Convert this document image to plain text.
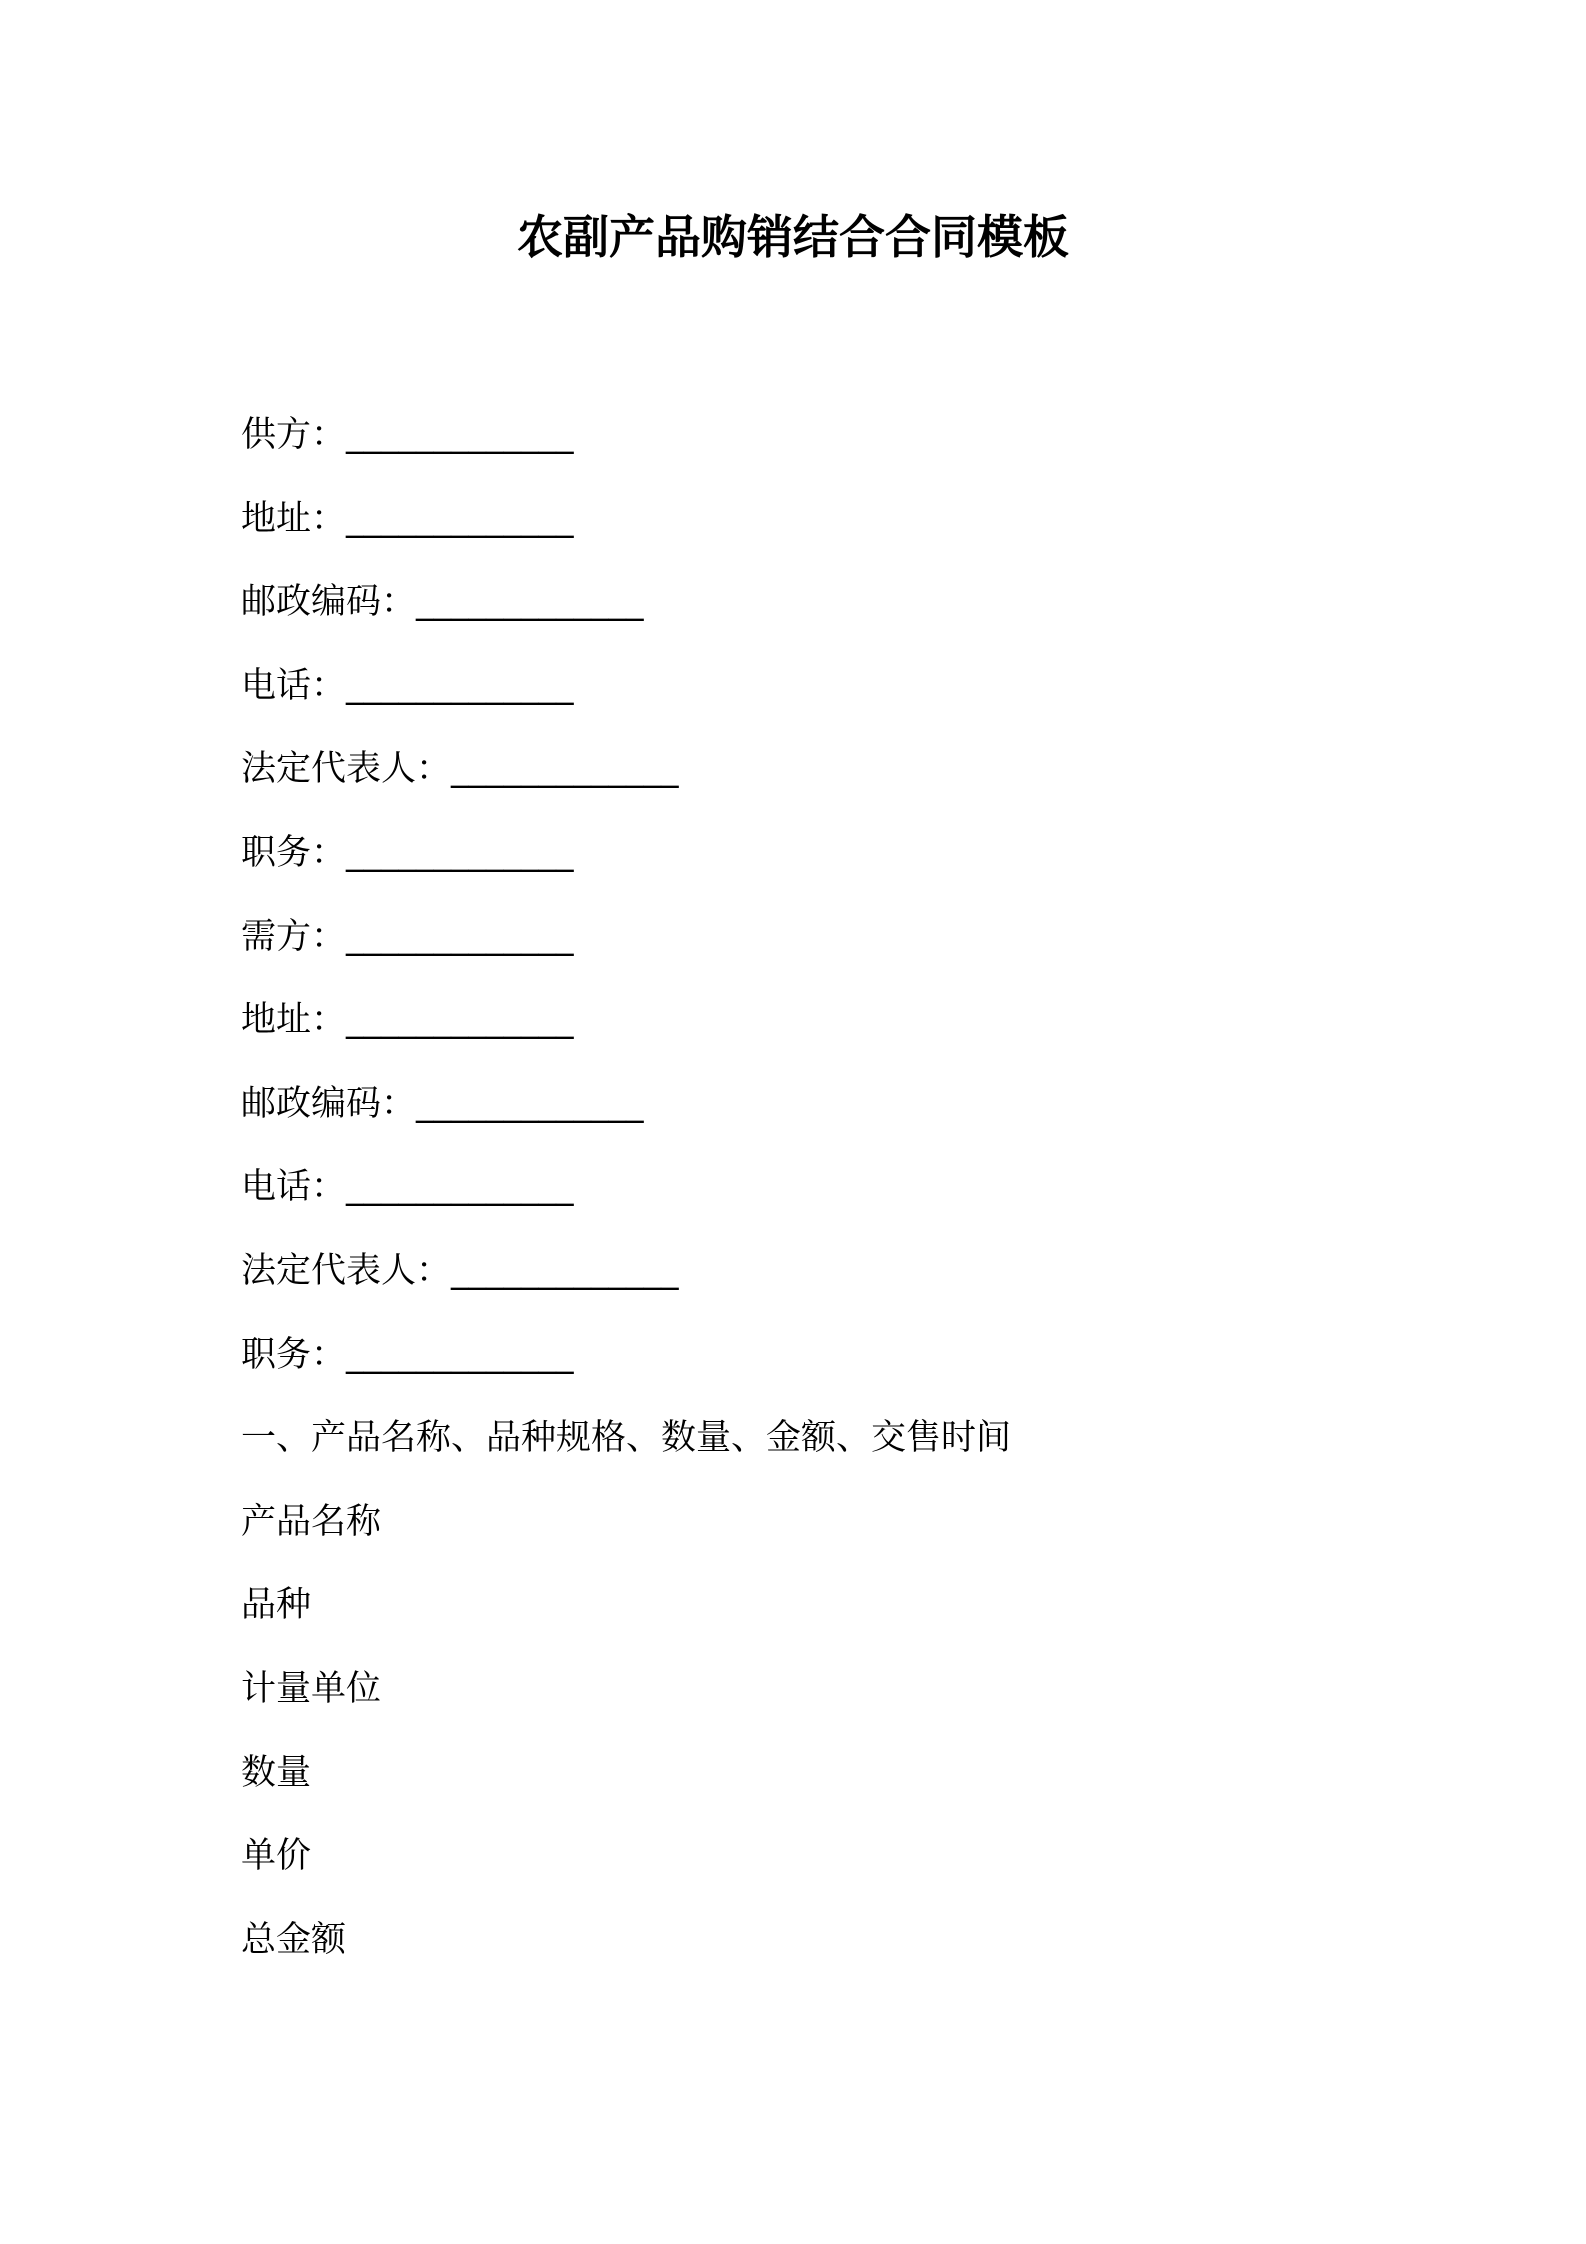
农副产品购销结合合同模板
供方：_____________
地址：_____________
邮政编码：_____________
电话：_____________
法定代表人：_____________
职务：_____________
需方：_____________
地址：_____________
邮政编码：_____________
电话：_____________
法定代表人：_____________
职务：_____________
一、产品名称、品种规格、数量、金额、交售时间
产品名称
品种
计量单位
数量
单价
总金额
